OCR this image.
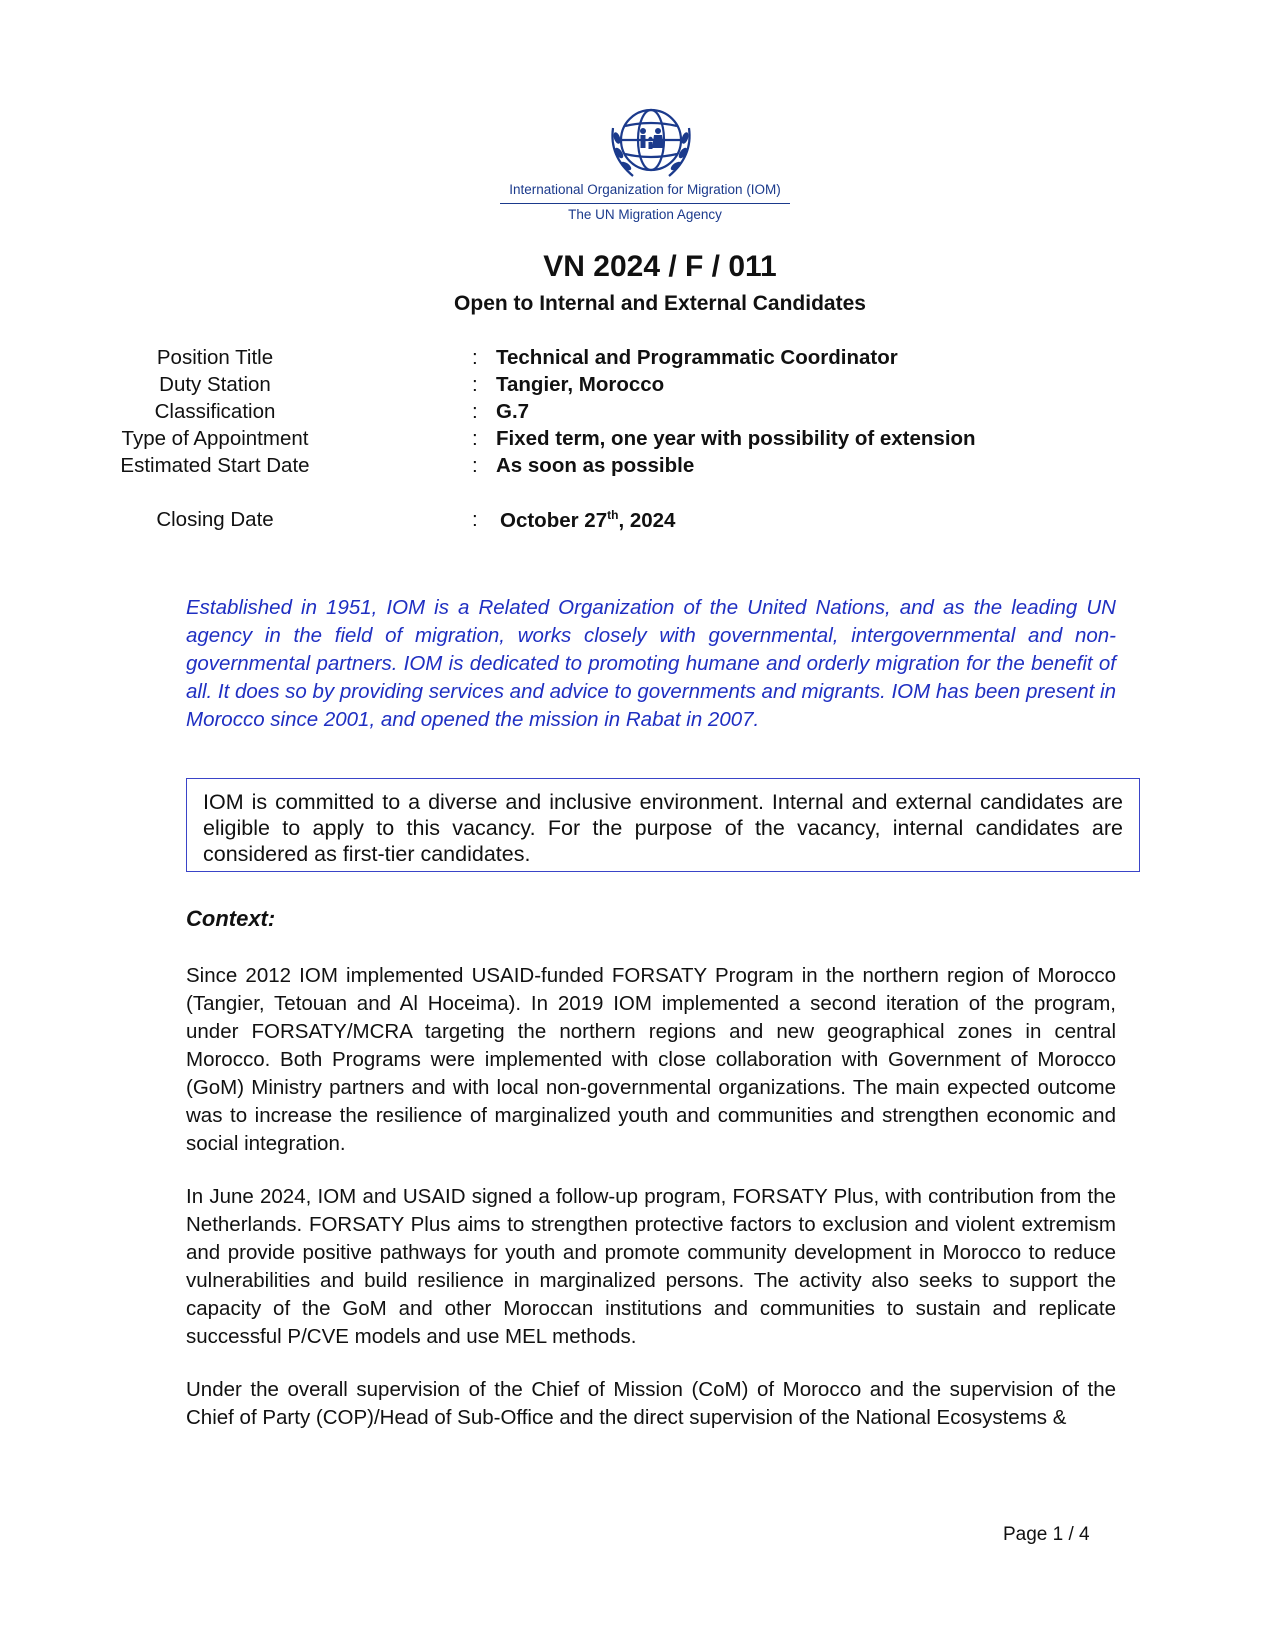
International Organization for Migration (IOM)
The UN Migration Agency
VN 2024 / F / 011
Open to Internal and External Candidates
Position Title	: Technical and Programmatic Coordinator
Duty Station	: Tangier, Morocco
Classification	: G.7
Type of Appointment	: Fixed term, one year with possibility of extension
Estimated Start Date	: As soon as possible
Closing Date	: October 27th, 2024

Established in 1951, IOM is a Related Organization of the United Nations, and as the leading UN agency in the field of migration, works closely with governmental, intergovernmental and non-governmental partners. IOM is dedicated to promoting humane and orderly migration for the benefit of all. It does so by providing services and advice to governments and migrants. IOM has been present in Morocco since 2001, and opened the mission in Rabat in 2007.

IOM is committed to a diverse and inclusive environment. Internal and external candidates are eligible to apply to this vacancy. For the purpose of the vacancy, internal candidates are considered as first-tier candidates.
Context:

Since 2012 IOM implemented USAID-funded FORSATY Program in the northern region of Morocco (Tangier, Tetouan and Al Hoceima). In 2019 IOM implemented a second iteration of the program, under FORSATY/MCRA targeting the northern regions and new geographical zones in central Morocco. Both Programs were implemented with close collaboration with Government of Morocco (GoM) Ministry partners and with local non-governmental organizations. The main expected outcome was to increase the resilience of marginalized youth and communities and strengthen economic and social integration.

In June 2024, IOM and USAID signed a follow-up program, FORSATY Plus, with contribution from the Netherlands. FORSATY Plus aims to strengthen protective factors to exclusion and violent extremism and provide positive pathways for youth and promote community development in Morocco to reduce vulnerabilities and build resilience in marginalized persons. The activity also seeks to support the capacity of the GoM and other Moroccan institutions and communities to sustain and replicate successful P/CVE models and use MEL methods.

Under the overall supervision of the Chief of Mission (CoM) of Morocco and the supervision of the Chief of Party (COP)/Head of Sub-Office and the direct supervision of the National Ecosystems &

Page 1 / 4
